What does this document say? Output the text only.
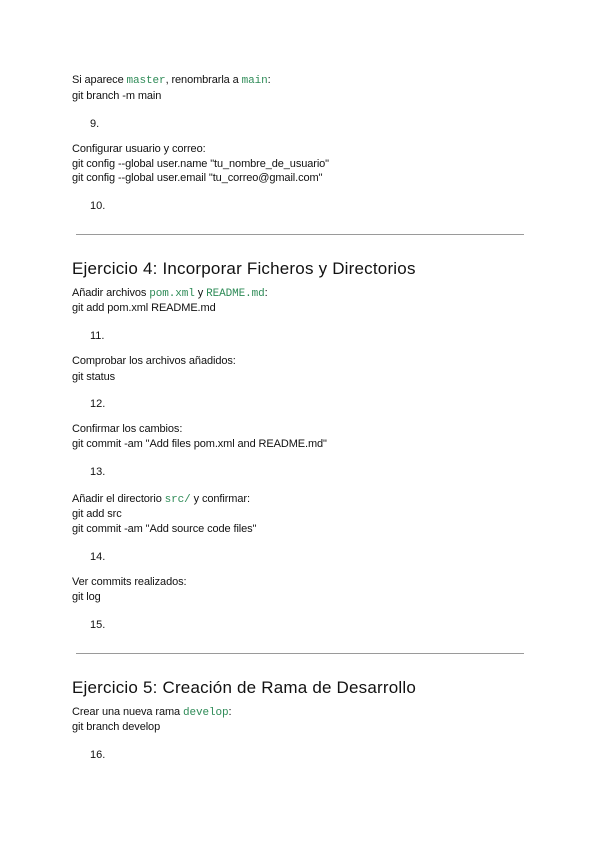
Si aparece master, renombrarla a main:
git branch -m main
9.
Configurar usuario y correo:
git config --global user.name "tu_nombre_de_usuario"
git config --global user.email "tu_correo@gmail.com"
10.
Ejercicio 4: Incorporar Ficheros y Directorios
Añadir archivos pom.xml y README.md:
git add pom.xml README.md
11.
Comprobar los archivos añadidos:
git status
12.
Confirmar los cambios:
git commit -am "Add files pom.xml and README.md"
13.
Añadir el directorio src/ y confirmar:
git add src
git commit -am "Add source code files"
14.
Ver commits realizados:
git log
15.
Ejercicio 5: Creación de Rama de Desarrollo
Crear una nueva rama develop:
git branch develop
16.
